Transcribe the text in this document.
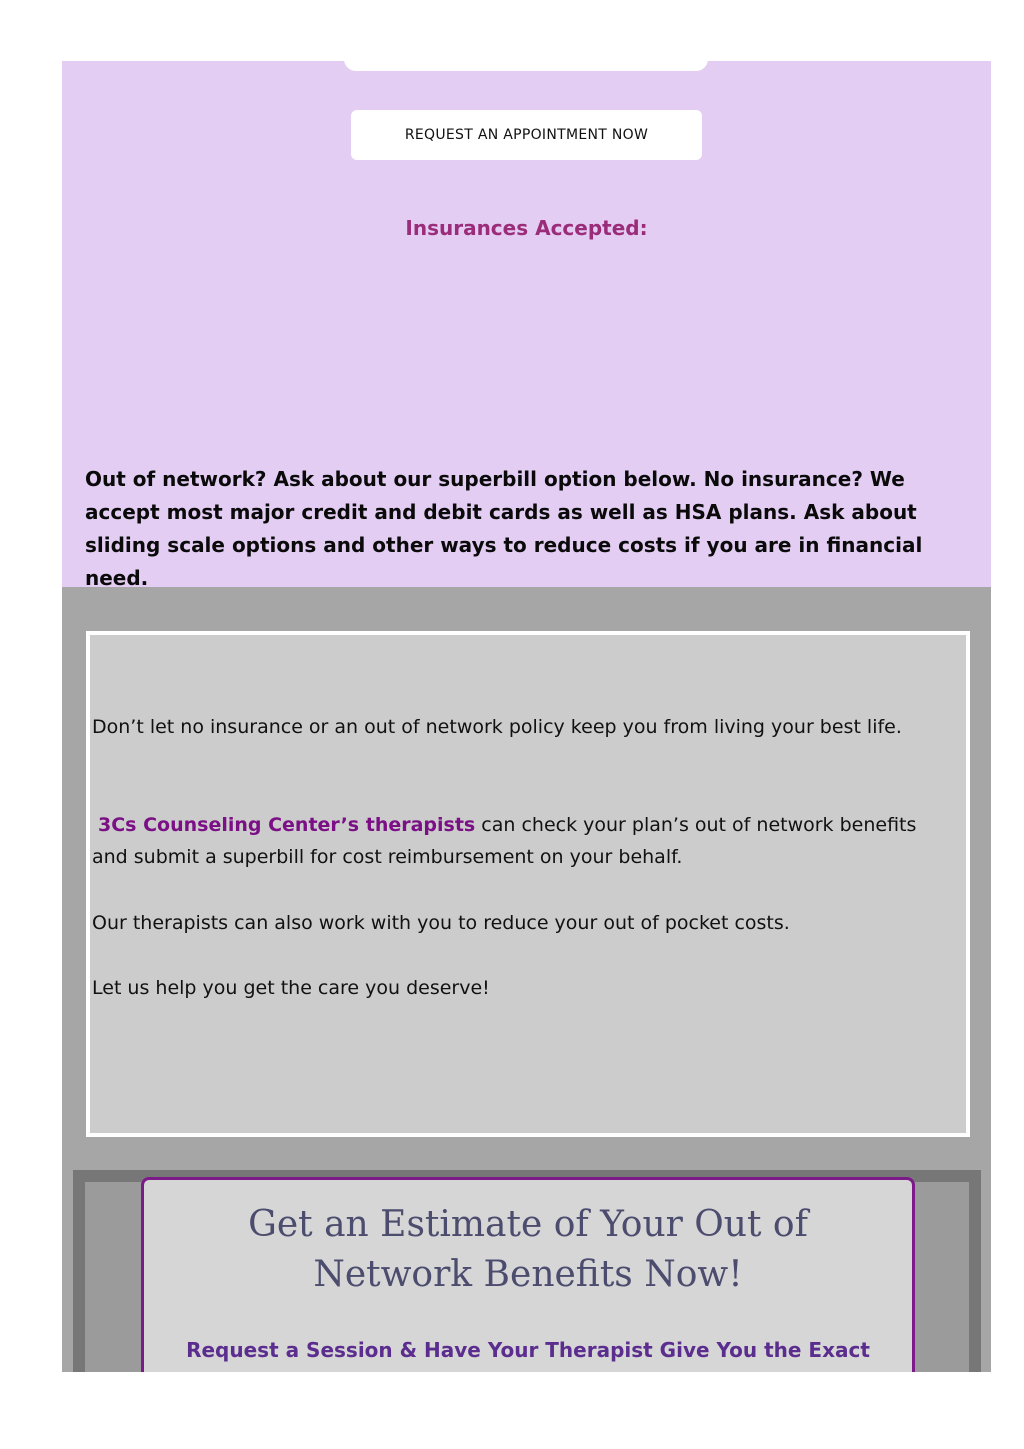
REQUEST AN APPOINTMENT NOW
Insurances Accepted:

Out of network? Ask about our superbill option below. No insurance? We accept most major credit and debit cards as well as HSA plans. Ask about sliding scale options and other ways to reduce costs if you are in financial need.

Don’t let no insurance or an out of network policy keep you from living your best life.

3Cs Counseling Center’s therapists can check your plan’s out of network benefits and submit a superbill for cost reimbursement on your behalf.

Our therapists can also work with you to reduce your out of pocket costs.

Let us help you get the care you deserve!

Get an Estimate of Your Out of Network Benefits Now!

Request a Session & Have Your Therapist Give You the Exact
